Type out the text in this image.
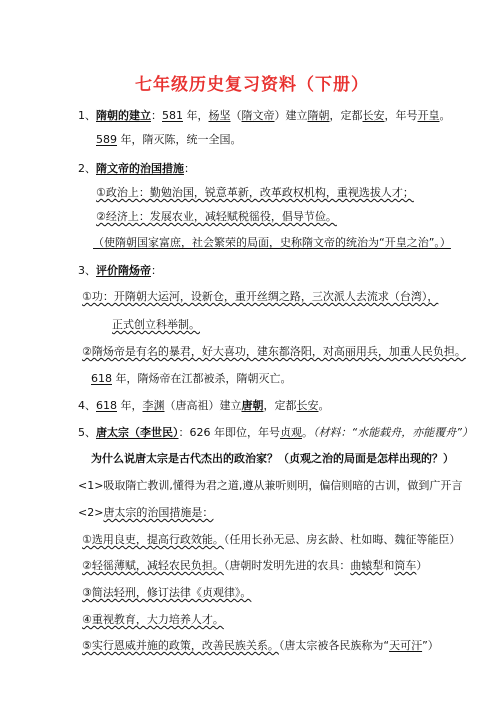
七年级历史复习资料（下册）
1、隋朝的建立：581 年，杨坚（隋文帝）建立隋朝，定都长安，年号开皇。
589 年，隋灭陈，统一全国。
2、隋文帝的治国措施：
①政治上：勤勉治国，锐意革新，改革政权机构，重视选拔人才；
②经济上：发展农业，减轻赋税徭役，倡导节俭。
（使隋朝国家富庶，社会繁荣的局面，史称隋文帝的统治为“开皇之治”。）
3、评价隋炀帝：
①功：开隋朝大运河，设新仓，重开丝绸之路，三次派人去流求（台湾），
正式创立科举制。
②隋炀帝是有名的暴君，好大喜功，建东都洛阳，对高丽用兵，加重人民负担。
618 年，隋炀帝在江都被杀，隋朝灭亡。
4、618 年，李渊（唐高祖）建立唐朝，定都长安。
5、唐太宗（李世民）：626 年即位，年号贞观。（材料：“水能载舟，亦能覆舟”）
为什么说唐太宗是古代杰出的政治家？（贞观之治的局面是怎样出现的？）
<1>吸取隋亡教训,懂得为君之道,遵从兼听则明，偏信则暗的古训，做到广开言
<2>唐太宗的治国措施是：
①选用良吏，提高行政效能。（任用长孙无忌、房玄龄、杜如晦、魏征等能臣）
②轻徭薄赋，减轻农民负担。（唐朝时发明先进的农具：曲辕犁和筒车）
③简法轻刑，修订法律《贞观律》。
④重视教育，大力培养人才。
⑤实行恩威并施的政策，改善民族关系。（唐太宗被各民族称为“天可汗”）
